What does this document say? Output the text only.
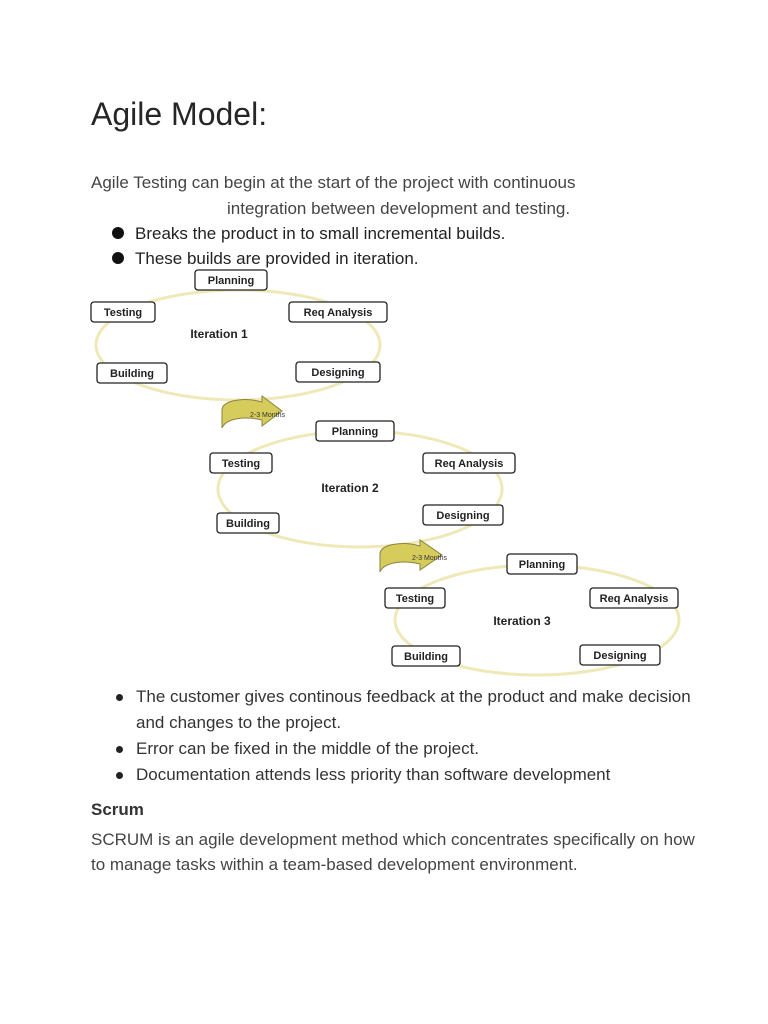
Agile Model:
Agile Testing can begin at the start of the project with continuous
integration between development and testing.
Breaks the product in to small incremental builds.
These builds are provided in iteration.
2-3 Months
2-3 Months
Planning
Testing	Req Analysis
Iteration 1
Building	Designing
Planning
Testing	Req Analysis
Iteration 2
Designing
Building
Planning
Testing	Req Analysis
Iteration 3
Building	Designing
The customer gives continous feedback at the product and make decision and changes to the project.
Error can be fixed in the middle of the project.
Documentation attends less priority than software development
Scrum

SCRUM is an agile development method which concentrates specifically on how to manage tasks within a team-based development environment.
